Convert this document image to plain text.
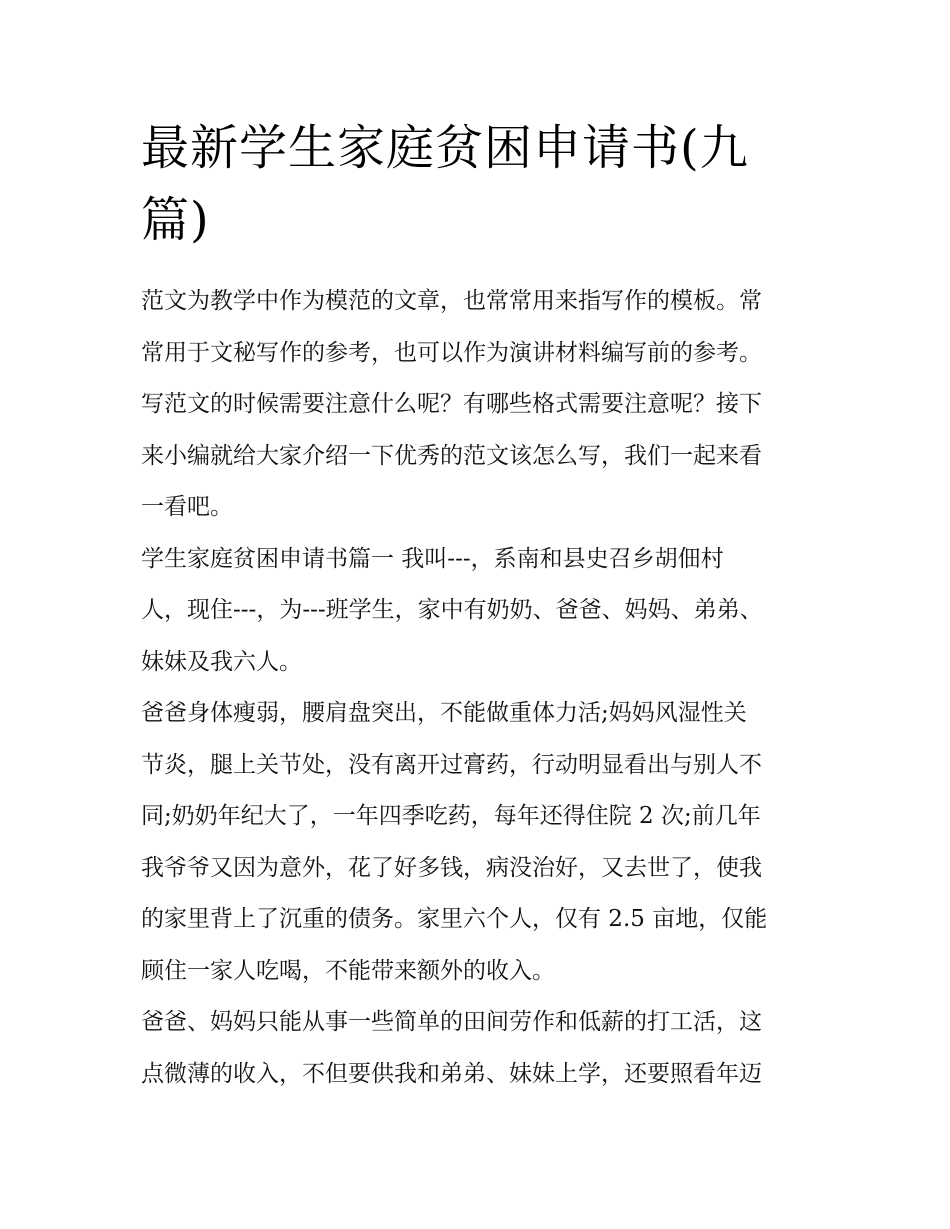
最新学生家庭贫困申请书(九
篇)

范文为教学中作为模范的文章，也常常用来指写作的模板。常
常用于文秘写作的参考，也可以作为演讲材料编写前的参考。
写范文的时候需要注意什么呢？有哪些格式需要注意呢？接下
来小编就给大家介绍一下优秀的范文该怎么写，我们一起来看
一看吧。

学生家庭贫困申请书篇一 我叫---，系南和县史召乡胡佃村
人，现住---，为---班学生，家中有奶奶、爸爸、妈妈、弟弟、
妹妹及我六人。

爸爸身体瘦弱，腰肩盘突出，不能做重体力活;妈妈风湿性关
节炎，腿上关节处，没有离开过膏药，行动明显看出与别人不
同;奶奶年纪大了，一年四季吃药，每年还得住院 2 次;前几年
我爷爷又因为意外，花了好多钱，病没治好，又去世了，使我
的家里背上了沉重的债务。家里六个人，仅有 2.5 亩地，仅能
顾住一家人吃喝，不能带来额外的收入。

爸爸、妈妈只能从事一些简单的田间劳作和低薪的打工活，这
点微薄的收入，不但要供我和弟弟、妹妹上学，还要照看年迈
